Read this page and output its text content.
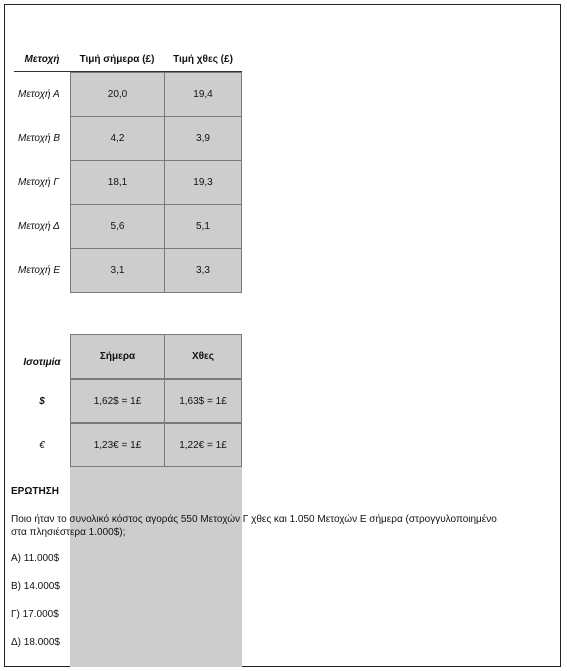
Μετοχή	Τιμή σήμερα (£)	Τιμή χθες (£)
Μετοχή Α	20,0	19,4
Μετοχή Β	4,2	3,9
Μετοχή Γ	18,1	19,3
Μετοχή Δ	5,6	5,1
Μετοχή Ε	3,1	3,3
Ισοτιμία	Σήμερα	Χθες
$	1,62$ = 1£	1,63$ = 1£
€	1,23€ = 1£	1,22€ = 1£
ΕΡΩΤΗΣΗ
Ποιο ήταν το συνολικό κόστος αγοράς 550 Μετοχών Γ χθες και 1.050 Μετοχών Ε σήμερα (στρογγυλοποιημένο
στα πλησιέστερα 1.000$);
Α) 11.000$
Β) 14.000$
Γ) 17.000$
Δ) 18.000$
